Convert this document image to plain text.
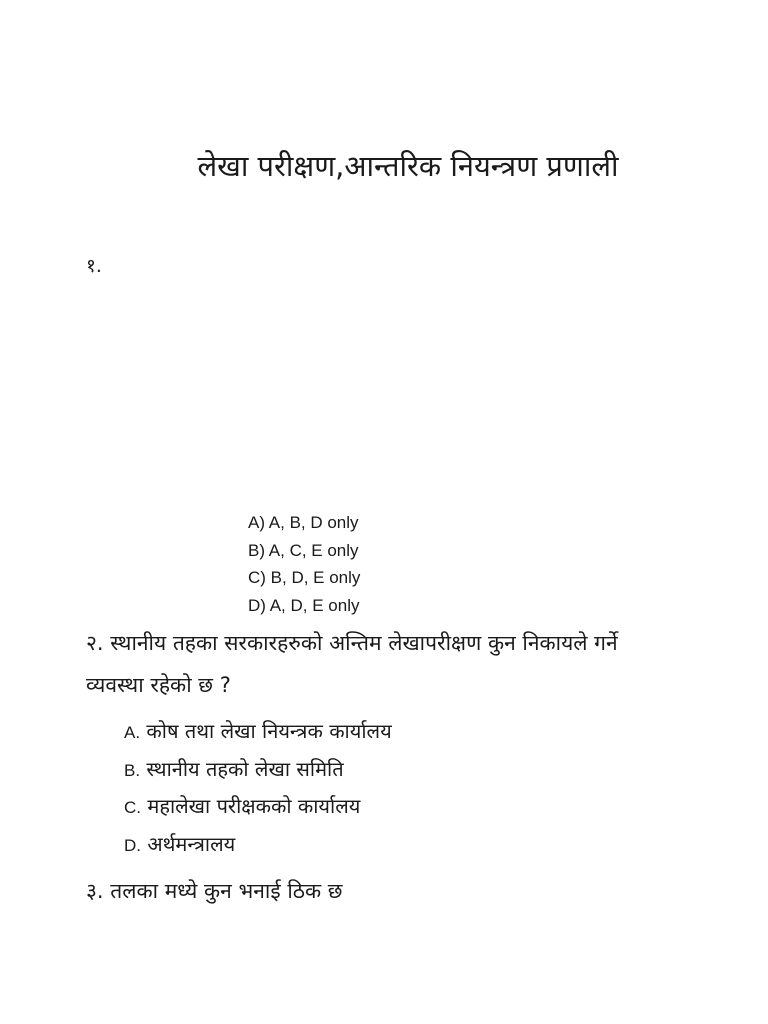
लेखा परीक्षण,आन्तरिक नियन्त्रण प्रणाली
१.
A) A, B, D only
B) A, C, E only
C) B, D, E only
D) A, D, E only
२. स्थानीय तहका सरकारहरुको अन्तिम लेखापरीक्षण कुन निकायले गर्ने
व्यवस्था रहेको छ ?
A. कोष तथा लेखा नियन्त्रक कार्यालय
B. स्थानीय तहको लेखा समिति
C. महालेखा परीक्षकको कार्यालय
D. अर्थमन्त्रालय
३. तलका मध्ये कुन भनाई ठिक छ
